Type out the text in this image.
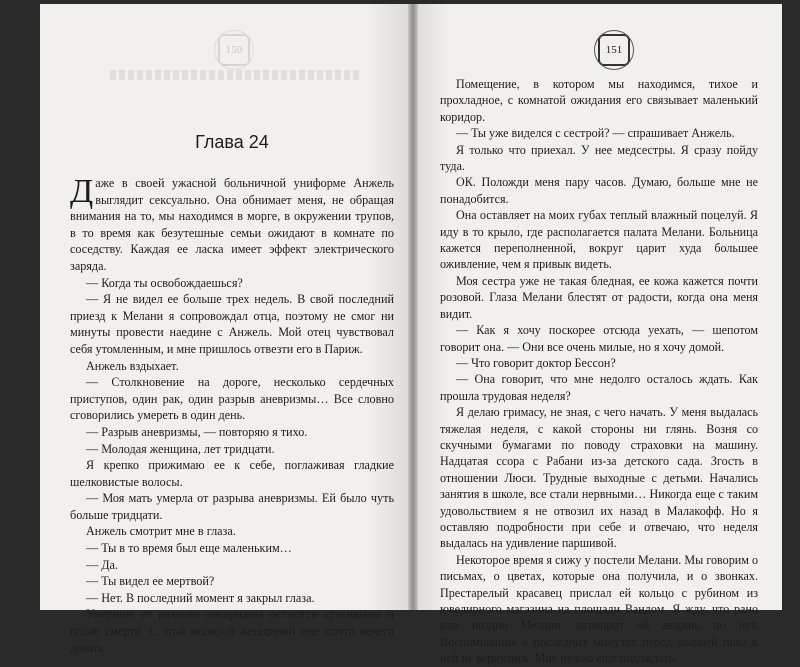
150
Глава 24

Даже в своей ужасной больничной униформе Анжель выглядит сексуально. Она обнимает меня, не обращая внимания на то, мы находимся в морге, в окружении трупов, в то время как безутешные семьи ожидают в комнате по соседству. Каждая ее ласка имеет эффект электрического заряда.

— Когда ты освобождаешься?

— Я не видел ее больше трех недель. В свой последний приезд к Мелани я сопровождал отца, поэтому не смог ни минуты провести наедине с Анжель. Мой отец чувствовал себя утомленным, и мне пришлось отвезти его в Париж.

Анжель вздыхает.

— Столкновение на дороге, несколько сердечных приступов, один рак, один разрыв аневризмы… Все словно сговорились умереть в один день.

— Разрыв аневризмы, — повторяю я тихо.

— Молодая женщина, лет тридцати.

Я крепко прижимаю ее к себе, поглаживая гладкие шелковистые волосы.

— Моя мать умерла от разрыва аневризмы. Ей было чуть больше тридцати.

Анжель смотрит мне в глаза.

— Ты в то время был еще маленьким…

— Да.

— Ты видел ее мертвой?

— Нет. В последний момент я закрыл глаза.

Умершие от разрыва аневризмы остаются красивыми и после смерти. С этой молодой женщиной мне почти нечего делать.

151

Помещение, в котором мы находимся, тихое и прохладное, с комнатой ожидания его связывает маленький коридор.

— Ты уже виделся с сестрой? — спрашивает Анжель.

Я только что приехал. У нее медсестры. Я сразу пойду туда.

ОК. Положди меня пару часов. Думаю, больше мне не понадобится.

Она оставляет на моих губах теплый влажный поцелуй. Я иду в то крыло, где располагается палата Мелани. Больница кажется переполненной, вокруг царит худа большее оживление, чем я привык видеть.

Моя сестра уже не такая бледная, ее кожа кажется почти розовой. Глаза Мелани блестят от радости, когда она меня видит.

— Как я хочу поскорее отсюда уехать, — шепотом говорит она. — Они все очень милые, но я хочу домой.

— Что говорит доктор Бессон?

— Она говорит, что мне недолго осталось ждать. Как прошла трудовая неделя?

Я делаю гримасу, не зная, с чего начать. У меня выдалась тяжелая неделя, с какой стороны ни глянь. Возня со скучными бумагами по поводу страховки на машину. Надцатая ссора с Рабани из-за детского сада. Згость в отношении Люси. Трудные выходные с детьми. Начались занятия в школе, все стали нервными… Никогда еще с таким удовольствием я не отвозил их назад в Малакофф. Но я оставляю подробности при себе и отвечаю, что неделя выдалась на удивление паршивой.

Некоторое время я сижу у постели Мелани. Мы говорим о письмах, о цветах, которые она получила, и о звонках. Престарелый красавец прислал ей кольцо с рубином из ювелирного магазина на площади Вандом. Я жду, что рано или поздно Мелани заговорит об аварии, но нет. Воспоминания о последних минутах перед аварией пока к ней не вернулись. Мне нужно еще подождать.
